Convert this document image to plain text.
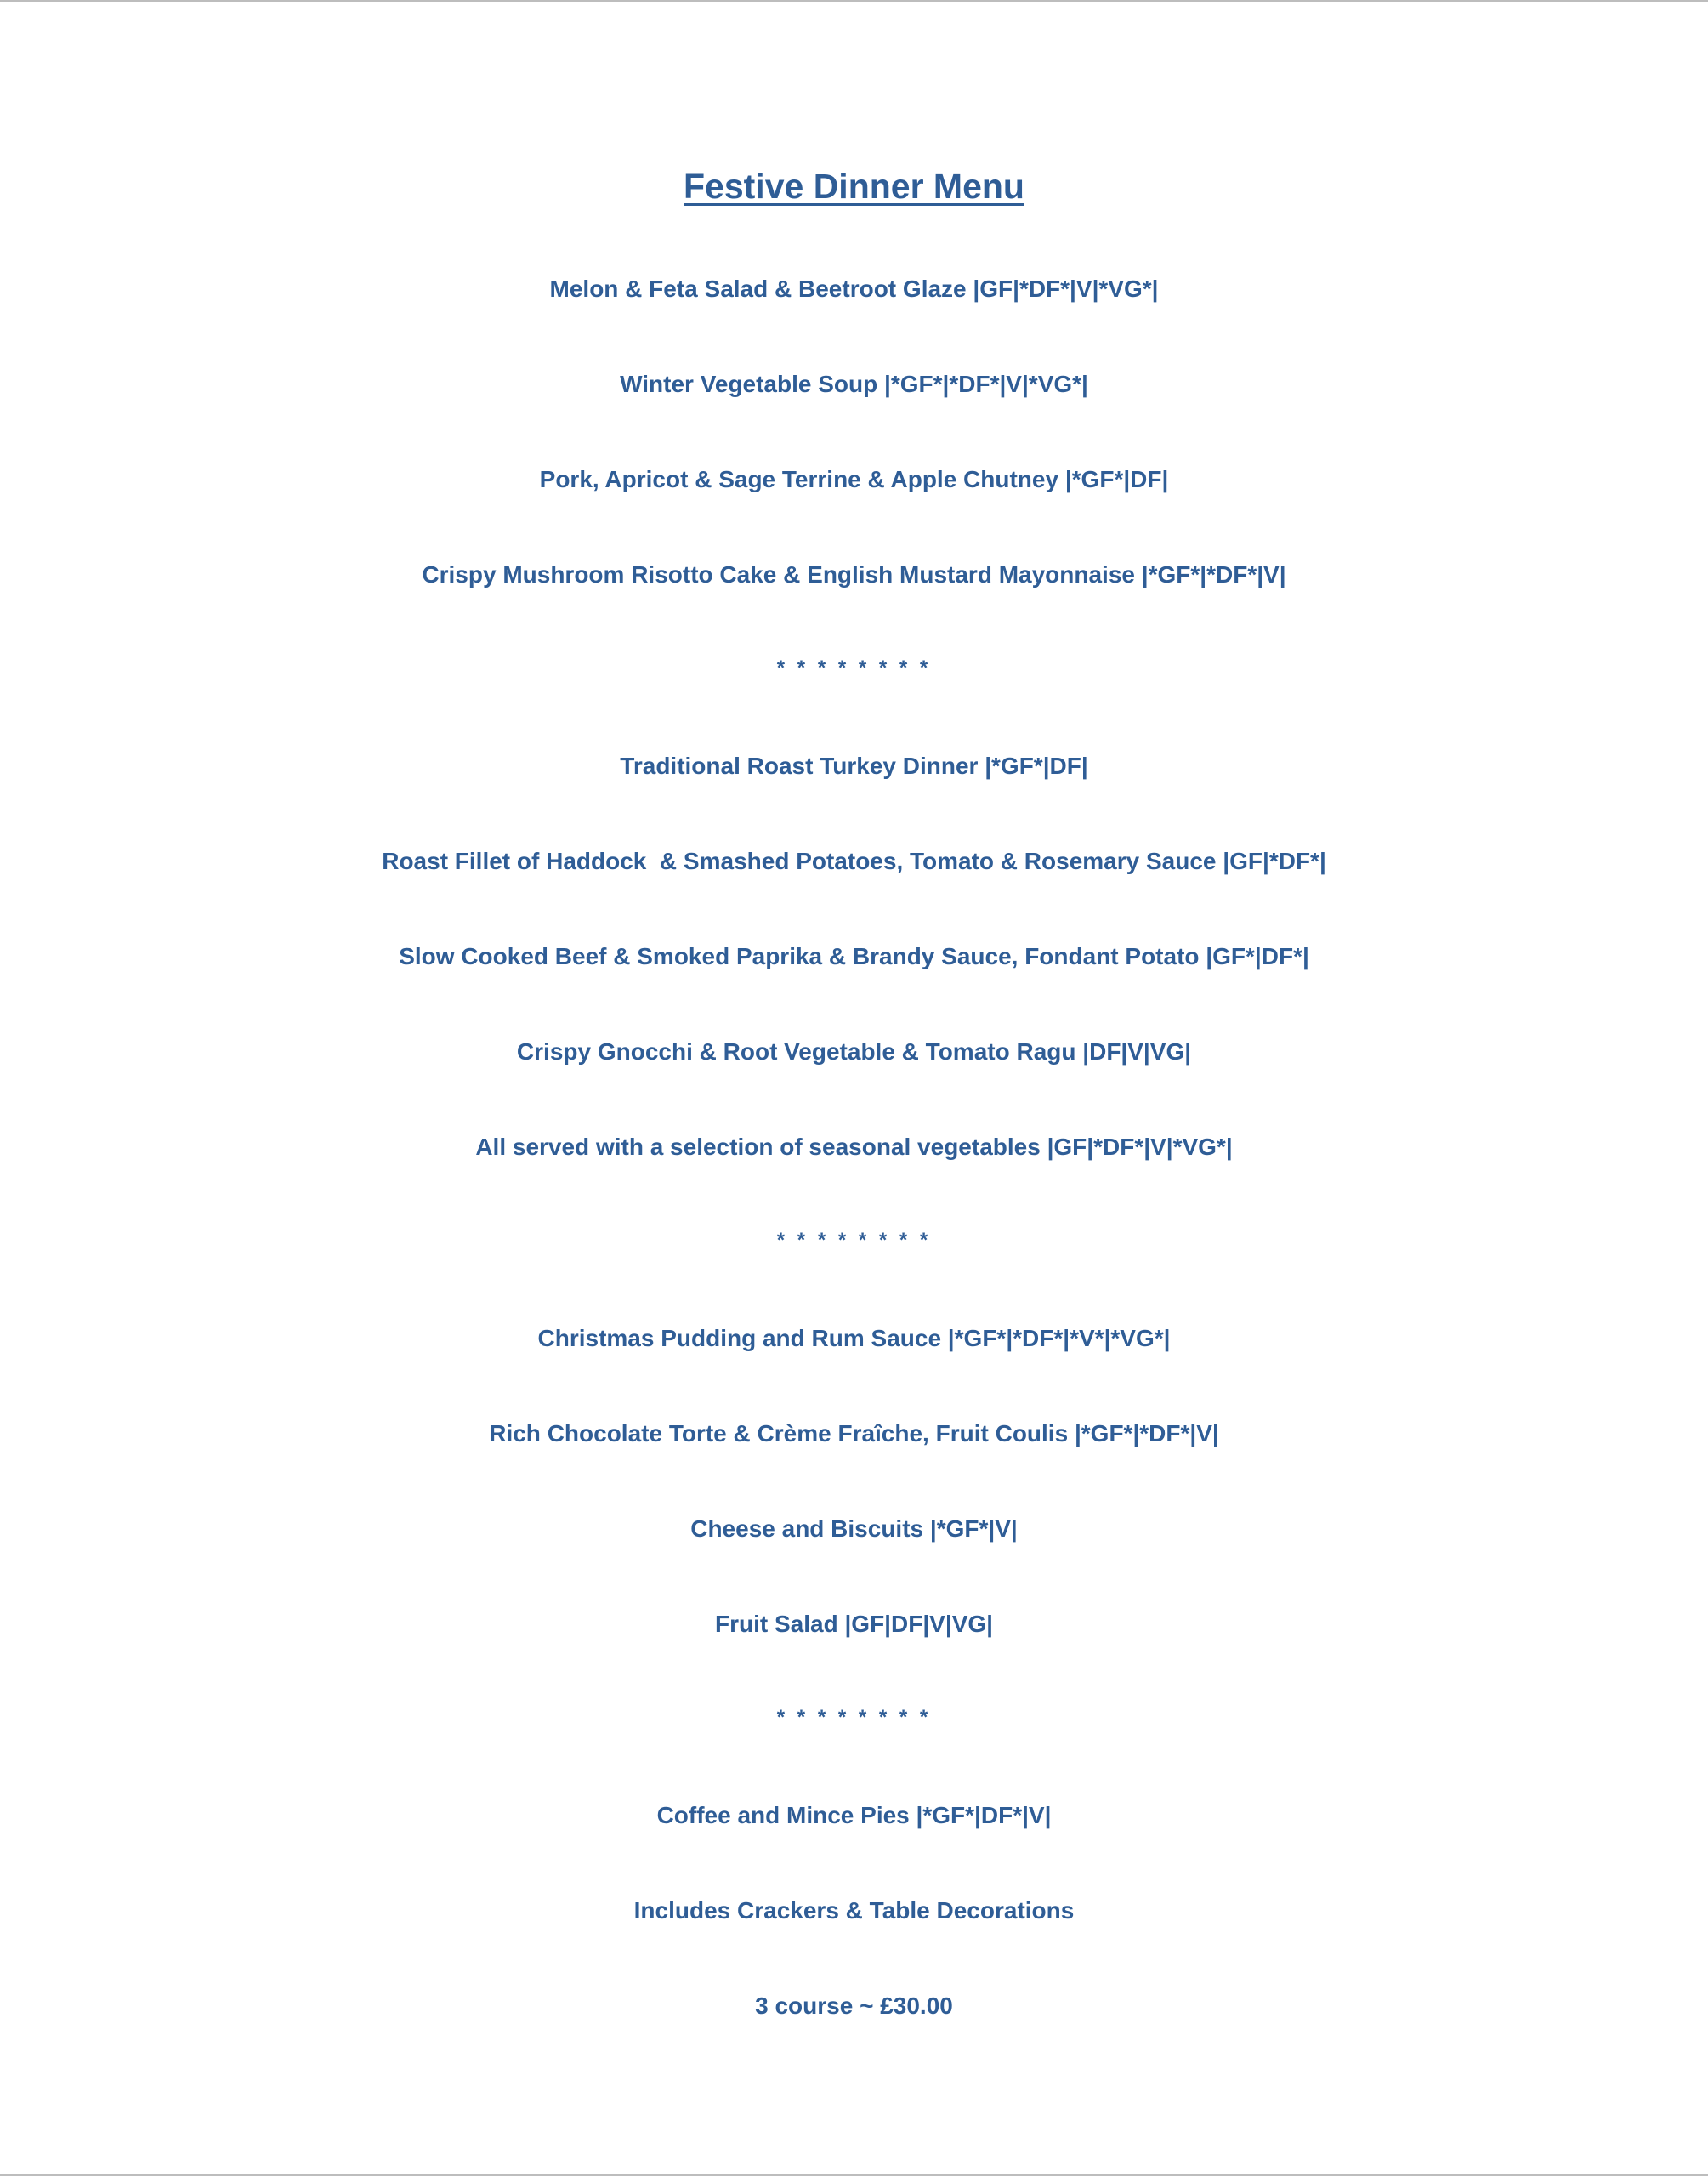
Festive Dinner Menu
Melon & Feta Salad & Beetroot Glaze |GF|*DF*|V|*VG*|
Winter Vegetable Soup |*GF*|*DF*|V|*VG*|
Pork, Apricot & Sage Terrine & Apple Chutney |*GF*|DF|
Crispy Mushroom Risotto Cake & English Mustard Mayonnaise |*GF*|*DF*|V|
* * * * * * * *
Traditional Roast Turkey Dinner |*GF*|DF|
Roast Fillet of Haddock  & Smashed Potatoes, Tomato & Rosemary Sauce |GF|*DF*|
Slow Cooked Beef & Smoked Paprika & Brandy Sauce, Fondant Potato |GF*|DF*|
Crispy Gnocchi & Root Vegetable & Tomato Ragu |DF|V|VG|
All served with a selection of seasonal vegetables |GF|*DF*|V|*VG*|
* * * * * * * *
Christmas Pudding and Rum Sauce |*GF*|*DF*|*V*|*VG*|
Rich Chocolate Torte & Crème Fraîche, Fruit Coulis |*GF*|*DF*|V|
Cheese and Biscuits |*GF*|V|
Fruit Salad |GF|DF|V|VG|
* * * * * * * *
Coffee and Mince Pies |*GF*|DF*|V|
Includes Crackers & Table Decorations
3 course ~ £30.00
